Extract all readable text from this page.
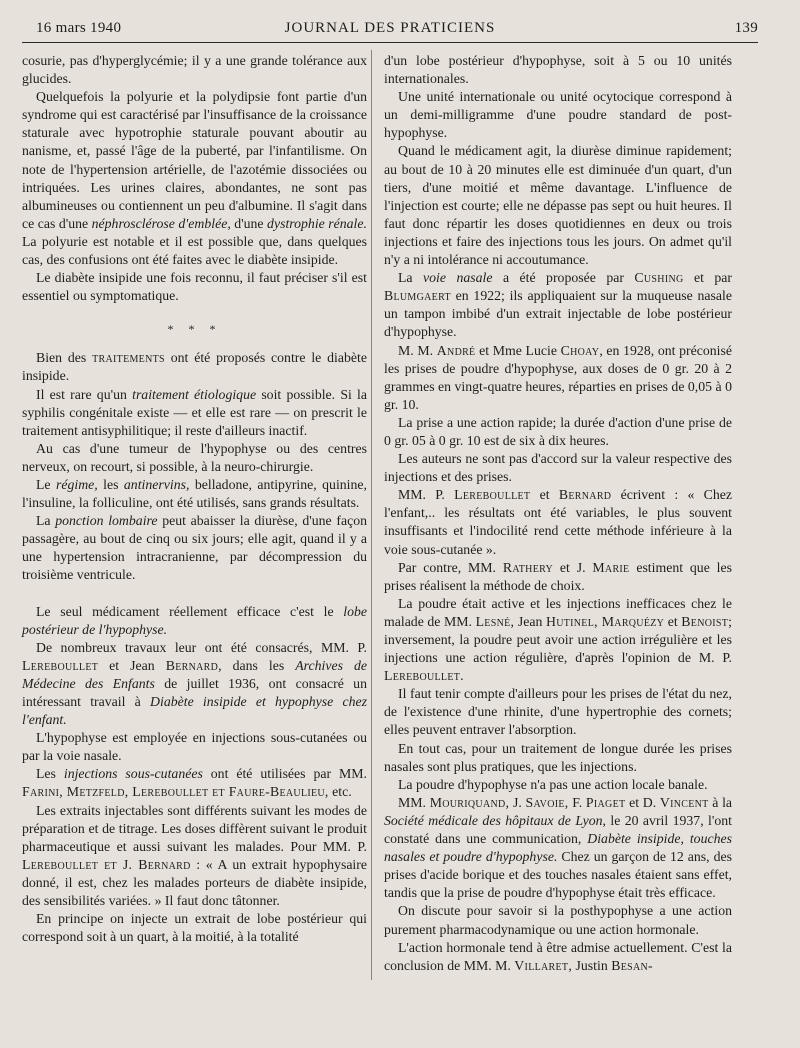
16 mars 1940	JOURNAL DES PRATICIENS	139

cosurie, pas d'hyperglycémie; il y a une grande tolérance aux glucides.

Quelquefois la polyurie et la polydipsie font partie d'un syndrome qui est caractérisé par l'insuffisance de la croissance staturale avec hypotrophie staturale pouvant aboutir au nanisme, et, passé l'âge de la puberté, par l'infantilisme. On note de l'hypertension artérielle, de l'azotémie dissociées ou intriquées. Les urines claires, abondantes, ne sont pas albumineuses ou contiennent un peu d'albumine. Il s'agit dans ce cas d'une néphrosclérose d'emblée, d'une dystrophie rénale. La polyurie est notable et il est possible que, dans quelques cas, des confusions ont été faites avec le diabète insipide.

Le diabète insipide une fois reconnu, il faut préciser s'il est essentiel ou symptomatique.

* * *

Bien des traitements ont été proposés contre le diabète insipide.

Il est rare qu'un traitement étiologique soit possible. Si la syphilis congénitale existe — et elle est rare — on prescrit le traitement antisyphilitique; il reste d'ailleurs inactif.

Au cas d'une tumeur de l'hypophyse ou des centres nerveux, on recourt, si possible, à la neuro-chirurgie.

Le régime, les antinervins, belladone, antipyrine, quinine, l'insuline, la folliculine, ont été utilisés, sans grands résultats.

La ponction lombaire peut abaisser la diurèse, d'une façon passagère, au bout de cinq ou six jours; elle agit, quand il y a une hypertension intracranienne, par décompression du troisième ventricule.

Le seul médicament réellement efficace c'est le lobe postérieur de l'hypophyse.

De nombreux travaux leur ont été consacrés, MM. P. Lereboullet et Jean Bernard, dans les Archives de Médecine des Enfants de juillet 1936, ont consacré un intéressant travail à Diabète insipide et hypophyse chez l'enfant.

L'hypophyse est employée en injections sous-cutanées ou par la voie nasale.

Les injections sous-cutanées ont été utilisées par MM. Farini, Metzfeld, Lereboullet et Faure-Beaulieu, etc.

Les extraits injectables sont différents suivant les modes de préparation et de titrage. Les doses diffèrent suivant le produit pharmaceutique et aussi suivant les malades. Pour MM. P. Lereboullet et J. Bernard : « A un extrait hypophysaire donné, il est, chez les malades porteurs de diabète insipide, des sensibilités variées. » Il faut donc tâtonner.

En principe on injecte un extrait de lobe postérieur qui correspond soit à un quart, à la moitié, à la totalité

d'un lobe postérieur d'hypophyse, soit à 5 ou 10 unités internationales.

Une unité internationale ou unité ocytocique correspond à un demi-milligramme d'une poudre standard de post-hypophyse.

Quand le médicament agit, la diurèse diminue rapidement; au bout de 10 à 20 minutes elle est diminuée d'un quart, d'un tiers, d'une moitié et même davantage. L'influence de l'injection est courte; elle ne dépasse pas sept ou huit heures. Il faut donc répartir les doses quotidiennes en deux ou trois injections et faire des injections tous les jours. On admet qu'il n'y a ni intolérance ni accoutumance.

La voie nasale a été proposée par Cushing et par Blumgaert en 1922; ils appliquaient sur la muqueuse nasale un tampon imbibé d'un extrait injectable de lobe postérieur d'hypophyse.

M. M. André et Mme Lucie Choay, en 1928, ont préconisé les prises de poudre d'hypophyse, aux doses de 0 gr. 20 à 2 grammes en vingt-quatre heures, réparties en prises de 0,05 à 0 gr. 10.

La prise a une action rapide; la durée d'action d'une prise de 0 gr. 05 à 0 gr. 10 est de six à dix heures.

Les auteurs ne sont pas d'accord sur la valeur respective des injections et des prises.

MM. P. Lereboullet et Bernard écrivent : « Chez l'enfant,.. les résultats ont été variables, le plus souvent insuffisants et l'indocilité rend cette méthode inférieure à la voie sous-cutanée ».

Par contre, MM. Rathery et J. Marie estiment que les prises réalisent la méthode de choix.

La poudre était active et les injections inefficaces chez le malade de MM. Lesné, Jean Hutinel, Marquézy et Benoist; inversement, la poudre peut avoir une action irrégulière et les injections une action régulière, d'après l'opinion de M. P. Lereboullet.

Il faut tenir compte d'ailleurs pour les prises de l'état du nez, de l'existence d'une rhinite, d'une hypertrophie des cornets; elles peuvent entraver l'absorption.

En tout cas, pour un traitement de longue durée les prises nasales sont plus pratiques, que les injections.

La poudre d'hypophyse n'a pas une action locale banale.

MM. Mouriquand, J. Savoie, F. Piaget et D. Vincent à la Société médicale des hôpitaux de Lyon, le 20 avril 1937, l'ont constaté dans une communication, Diabète insipide, touches nasales et poudre d'hypophyse. Chez un garçon de 12 ans, des prises d'acide borique et des touches nasales étaient sans effet, tandis que la prise de poudre d'hypophyse était très efficace.

On discute pour savoir si la posthypophyse a une action purement pharmacodynamique ou une action hormonale.

L'action hormonale tend à être admise actuellement. C'est la conclusion de MM. M. Villaret, Justin Besan-
